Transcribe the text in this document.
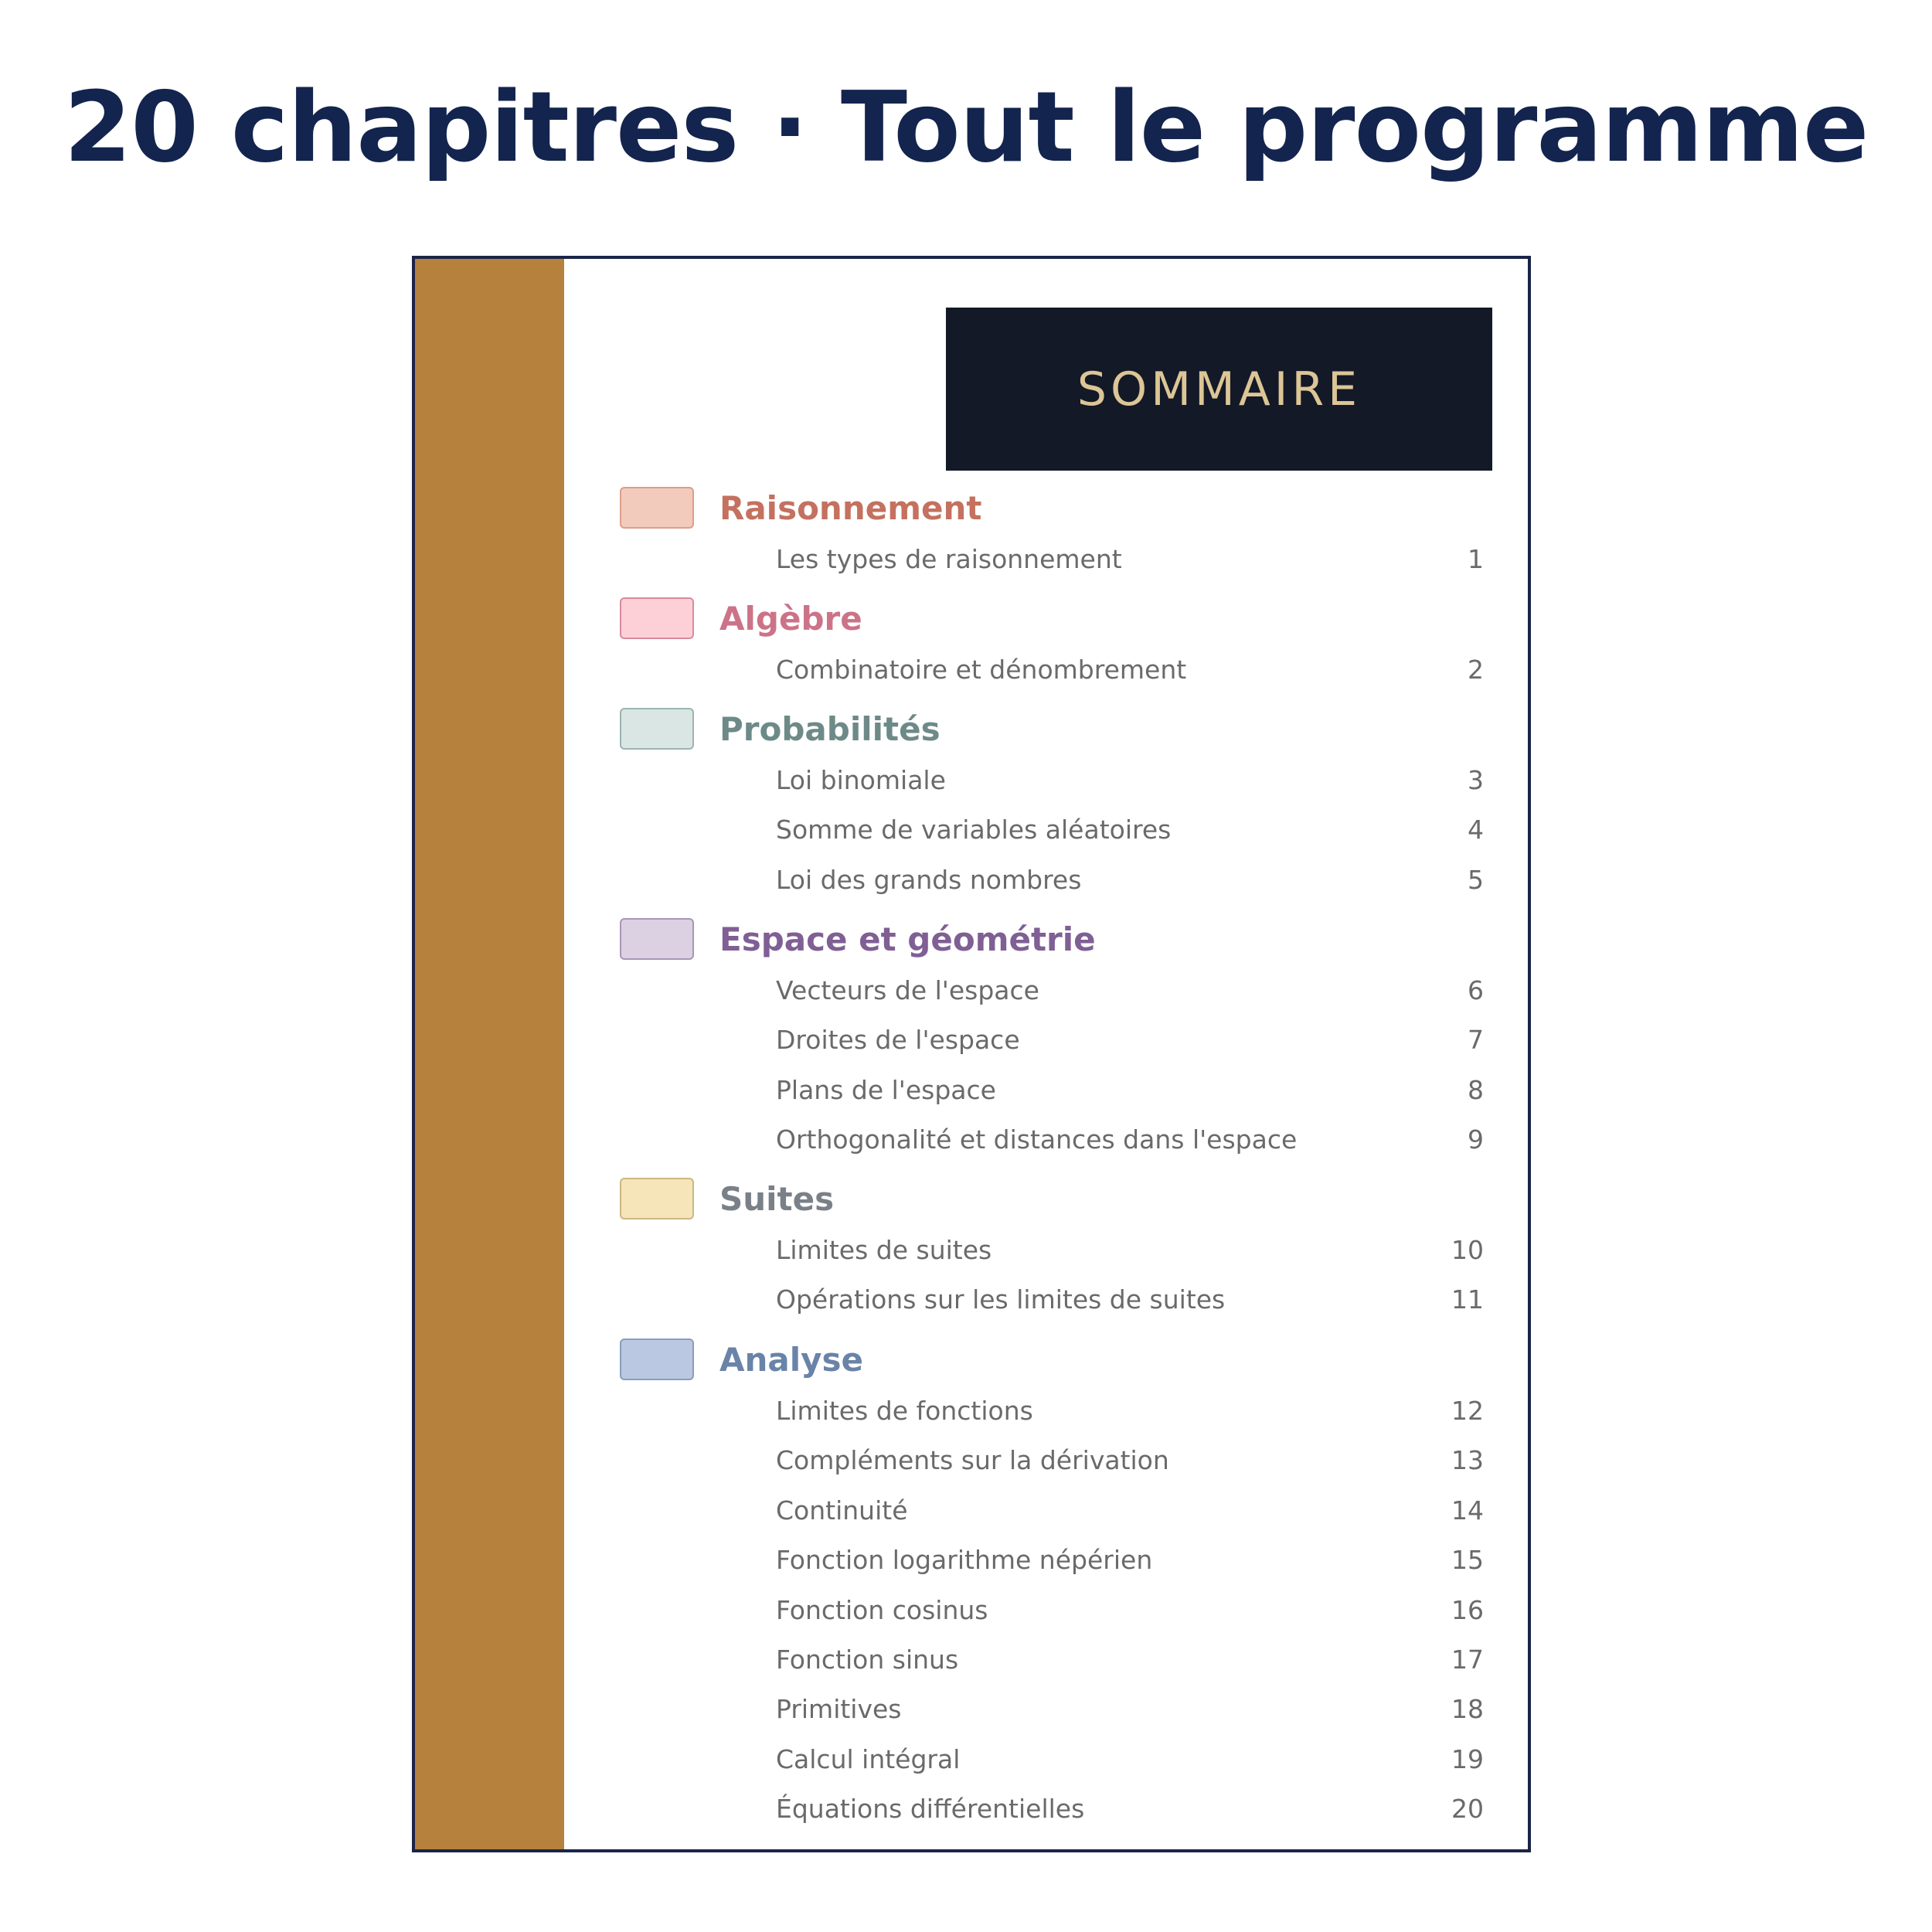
20 chapitres · Tout le programme
SOMMAIRE
Raisonnement
Les types de raisonnement	1
Algèbre
Combinatoire et dénombrement	2
Probabilités
Loi binomiale	3
Somme de variables aléatoires	4
Loi des grands nombres	5
Espace et géométrie
Vecteurs de l'espace	6
Droites de l'espace	7
Plans de l'espace	8
Orthogonalité et distances dans l'espace	9
Suites
Limites de suites	10
Opérations sur les limites de suites	11
Analyse
Limites de fonctions	12
Compléments sur la dérivation	13
Continuité	14
Fonction logarithme népérien	15
Fonction cosinus	16
Fonction sinus	17
Primitives	18
Calcul intégral	19
Équations différentielles	20
